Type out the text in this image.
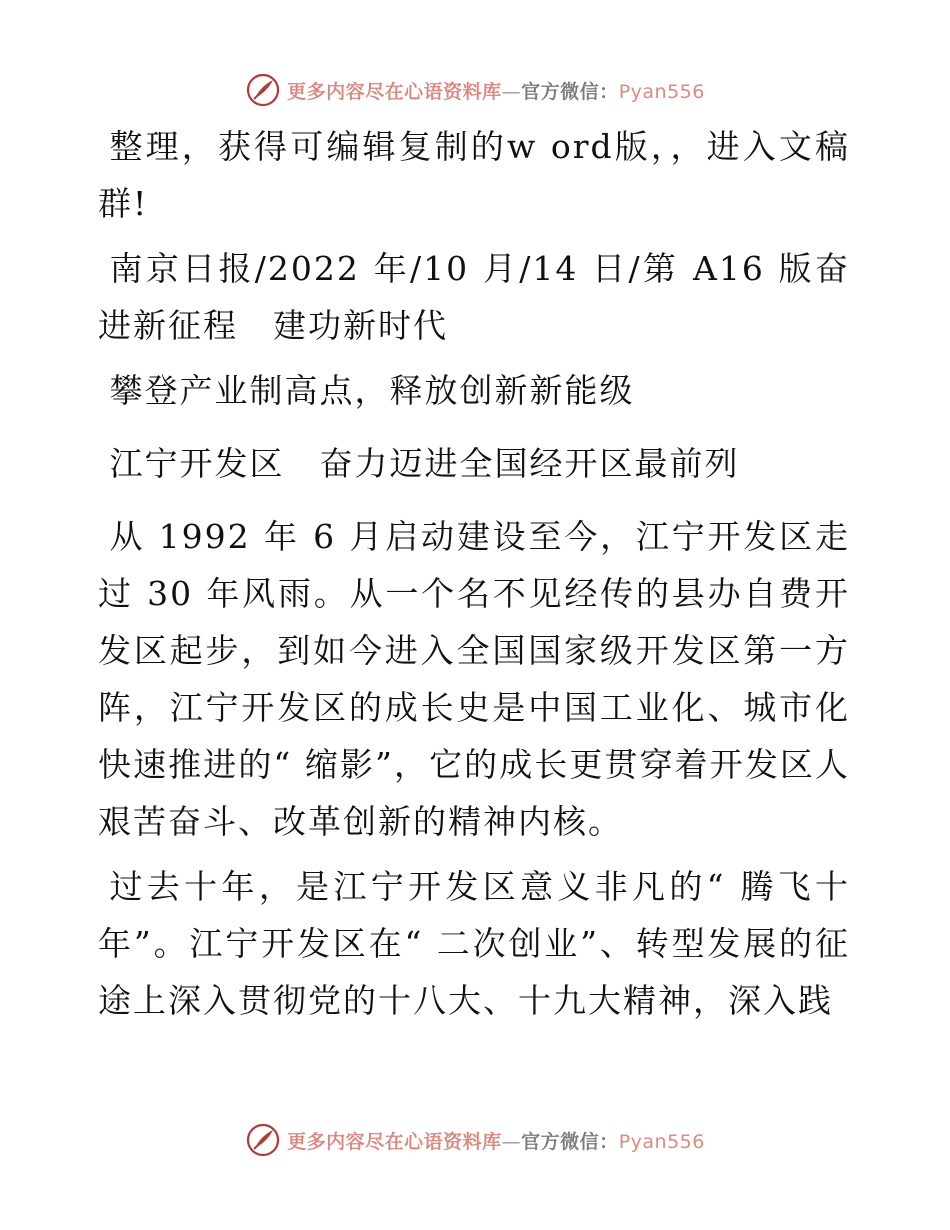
更多内容尽在心语资料库—官方微信：Pyan556

整理，获得可编辑复制的w ord版，，进入文稿群!

南京日报/2022 年/10 月/14 日/第 A16 版奋进新征程　建功新时代

攀登产业制高点，释放创新新能级

江宁开发区　奋力迈进全国经开区最前列

从 1992 年 6 月启动建设至今，江宁开发区走过 30 年风雨。从一个名不见经传的县办自费开发区起步，到如今进入全国国家级开发区第一方阵，江宁开发区的成长史是中国工业化、城市化快速推进的“ 缩影”，它的成长更贯穿着开发区人艰苦奋斗、改革创新的精神内核。

过去十年，是江宁开发区意义非凡的“ 腾飞十年”。江宁开发区在“ 二次创业”、转型发展的征途上深入贯彻党的十八大、十九大精神，深入践

更多内容尽在心语资料库—官方微信：Pyan556
